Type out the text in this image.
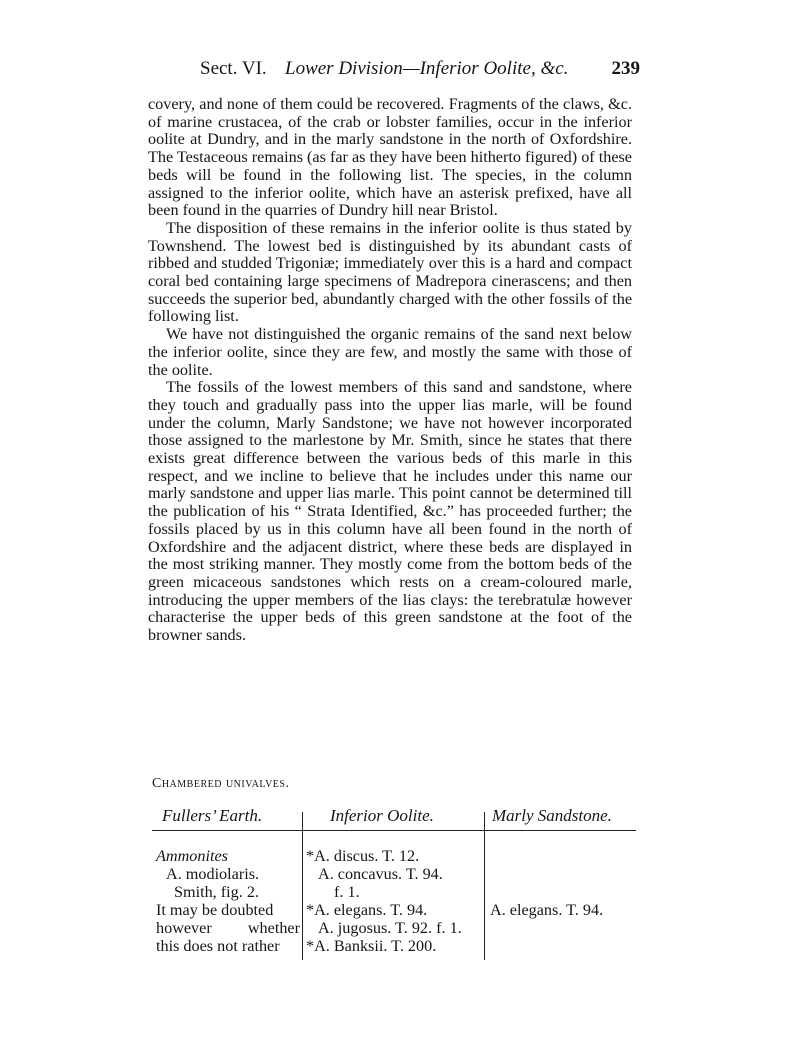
Sect. VI. Lower Division—Inferior Oolite, &c. 239

covery, and none of them could be recovered. Fragments of the claws, &c. of marine crustacea, of the crab or lobster families, occur in the inferior oolite at Dundry, and in the marly sandstone in the north of Oxfordshire. The Testaceous remains (as far as they have been hitherto figured) of these beds will be found in the following list. The species, in the column assigned to the inferior oolite, which have an asterisk prefixed, have all been found in the quarries of Dundry hill near Bristol.

The disposition of these remains in the inferior oolite is thus stated by Townshend. The lowest bed is distinguished by its abundant casts of ribbed and studded Trigoniæ; immediately over this is a hard and compact coral bed containing large specimens of Madrepora cinerascens; and then succeeds the superior bed, abundantly charged with the other fossils of the following list.

We have not distinguished the organic remains of the sand next below the inferior oolite, since they are few, and mostly the same with those of the oolite.

The fossils of the lowest members of this sand and sandstone, where they touch and gradually pass into the upper lias marle, will be found under the column, Marly Sandstone; we have not however incorporated those assigned to the marlestone by Mr. Smith, since he states that there exists great difference between the various beds of this marle in this respect, and we incline to believe that he includes under this name our marly sandstone and upper lias marle. This point cannot be determined till the publication of his “ Strata Identified, &c.” has proceeded further; the fossils placed by us in this column have all been found in the north of Oxfordshire and the adjacent district, where these beds are displayed in the most striking manner. They mostly come from the bottom beds of the green micaceous sandstones which rests on a cream-coloured marle, introducing the upper members of the lias clays: the terebratulæ however characterise the upper beds of this green sandstone at the foot of the browner sands.

Chambered univalves.
Fullers’ Earth.	Inferior Oolite.	Marly Sandstone.
Ammonites
A. modiolaris.
Smith, fig. 2.
It may be doubted
however whether
this does not rather
*A. discus. T. 12.
A. concavus. T. 94.
f. 1.
*A. elegans. T. 94.
A. jugosus. T. 92. f. 1.
*A. Banksii. T. 200.
A. elegans. T. 94.
